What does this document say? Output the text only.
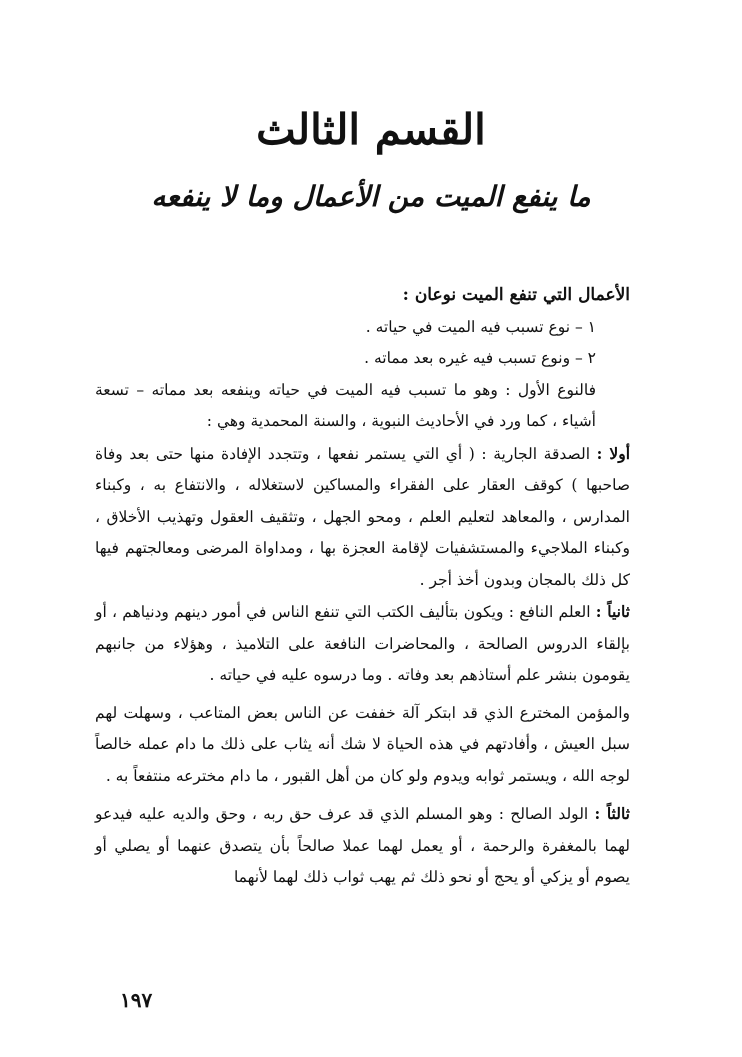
القسم الثالث
ما ينفع الميت من الأعمال وما لا ينفعه

الأعمال التي تنفع الميت نوعان :

١ – نوع تسبب فيه الميت في حياته .

٢ – ونوع تسبب فيه غيره بعد مماته .

فالنوع الأول : وهو ما تسبب فيه الميت في حياته وينفعه بعد مماته – تسعة أشياء ، كما ورد في الأحاديث النبوية ، والسنة المحمدية وهي :

أولا : الصدقة الجارية : ( أي التي يستمر نفعها ، وتتجدد الإفادة منها حتى بعد وفاة صاحبها ) كوقف العقار على الفقراء والمساكين لاستغلاله ، والانتفاع به ، وكبناء المدارس ، والمعاهد لتعليم العلم ، ومحو الجهل ، وتثقيف العقول وتهذيب الأخلاق ، وكبناء الملاجيء والمستشفيات لإقامة العجزة بها ، ومداواة المرضى ومعالجتهم فيها كل ذلك بالمجان وبدون أخذ أجر .

ثانياً : العلم النافع : ويكون بتأليف الكتب التي تنفع الناس في أمور دينهم ودنياهم ، أو بإلقاء الدروس الصالحة ، والمحاضرات النافعة على التلاميذ ، وهؤلاء من جانبهم يقومون بنشر علم أستاذهم بعد وفاته . وما درسوه عليه في حياته .

والمؤمن المخترع الذي قد ابتكر آلة خففت عن الناس بعض المتاعب ، وسهلت لهم سبل العيش ، وأفادتهم في هذه الحياة لا شك أنه يثاب على ذلك ما دام عمله خالصاً لوجه الله ، ويستمر ثوابه ويدوم ولو كان من أهل القبور ، ما دام مخترعه منتفعاً به .

ثالثاً : الولد الصالح : وهو المسلم الذي قد عرف حق ربه ، وحق والديه عليه فيدعو لهما بالمغفرة والرحمة ، أو يعمل لهما عملا صالحاً بأن يتصدق عنهما أو يصلي أو يصوم أو يزكي أو يحج أو نحو ذلك ثم يهب ثواب ذلك لهما لأنهما

١٩٧
